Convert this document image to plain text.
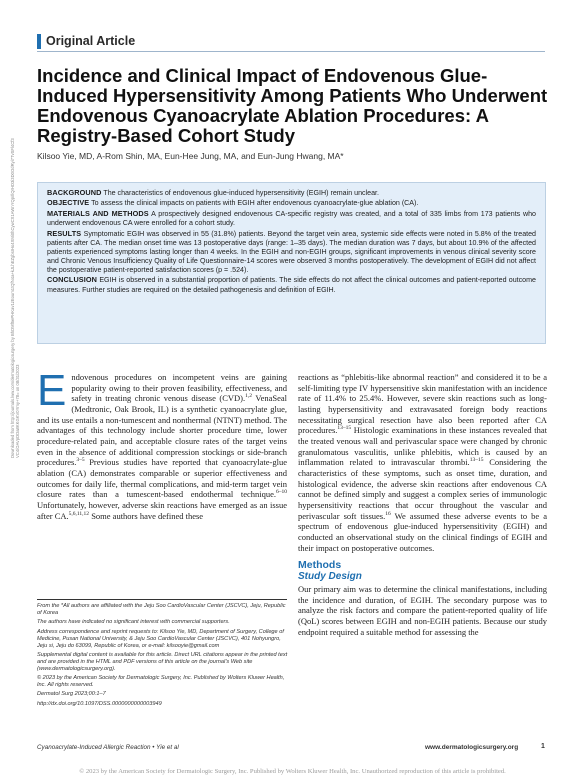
Original Article
Downloaded from http://journals.lww.com/dermatologicsurgery by BhDMf5ePHKav1zEoum1tQfN4a+kJLhEZgbsIHo4XMi0hCywCX1AWnYQp/IlQrHD3i3D0OdRyi7TvSFl4Cf3VC4/OAVpDDa8KKGKV0Ymy+78= on 08/31/2023
Incidence and Clinical Impact of Endovenous Glue-Induced Hypersensitivity Among Patients Who Underwent Endovenous Cyanoacrylate Ablation Procedures: A Registry-Based Cohort Study
Kilsoo Yie, MD, A-Rom Shin, MA, Eun-Hee Jung, MA, and Eun-Jung Hwang, MA*

BACKGROUND The characteristics of endovenous glue-induced hypersensitivity (EGIH) remain unclear.

OBJECTIVE To assess the clinical impacts on patients with EGIH after endovenous cyanoacrylate-glue ablation (CA).

MATERIALS AND METHODS A prospectively designed endovenous CA-specific registry was created, and a total of 335 limbs from 173 patients who underwent endovenous CA were enrolled for a cohort study.

RESULTS Symptomatic EGIH was observed in 55 (31.8%) patients. Beyond the target vein area, systemic side effects were noted in 5.8% of the treated patients after CA. The median onset time was 13 postoperative days (range: 1–35 days). The median duration was 7 days, but about 10.9% of the affected patients experienced symptoms lasting longer than 4 weeks. In the EGIH and non-EGIH groups, significant improvements in venous clinical severity score and Chronic Venous Insufficiency Quality of Life Questionnaire-14 scores were observed 3 months postoperatively. The development of EGIH did not affect the postoperative patient-reported satisfaction scores (p = .524).

CONCLUSION EGIH is observed in a substantial proportion of patients. The side effects do not affect the clinical outcomes and patient-reported outcome measures. Further studies are required on the detailed pathogenesis and definition of EGIH.

Endovenous procedures on incompetent veins are gaining popularity owing to their proven feasibility, effectiveness, and safety in treating chronic venous disease (CVD).$^{1,2}$ VenaSeal (Medtronic, Oak Brook, IL) is a synthetic cyanoacrylate glue, and its use entails a non-tumescent and nonthermal (NTNT) method. The advantages of this technology include shorter procedure time, lower procedure-related pain, and acceptable closure rates of the target veins even in the absence of additional compression stockings or side-branch procedures.$^{3-5}$ Previous studies have reported that cyanoacrylate-glue ablation (CA) demonstrates comparable or superior effectiveness and outcomes for daily life, thermal complications, and mid-term target vein closure rates than a tumescent-based endothermal technique.$^{6-10}$ Unfortunately, however, adverse skin reactions have emerged as an issue after CA.$^{5,6,11,12}$ Some authors have defined these

reactions as “phlebitis-like abnormal reaction” and considered it to be a self-limiting type IV hypersensitive skin manifestation with an incidence rate of 11.4% to 25.4%. However, severe skin reactions such as long-lasting hypersensitivity and extravasated foreign body reactions necessitating surgical resection have also been reported after CA procedures.$^{13-15}$ Histologic examinations in these instances revealed that the treated venous wall and perivascular space were changed by chronic granulomatous vasculitis, unlike phlebitis, which is caused by an inflammation related to intravascular thrombi.$^{13-15}$ Considering the characteristics of these symptoms, such as onset time, duration, and histological evidence, the adverse skin reactions after endovenous CA cannot be defined simply and suggest a complex series of immunologic hypersensitivity reactions that occur throughout the vascular and perivascular soft tissues.$^{16}$ We assumed these adverse events to be a spectrum of endovenous glue-induced hypersensitivity (EGIH) and conducted an observational study on the clinical findings of EGIH and their impact on postoperative outcomes.

Methods
Study Design

Our primary aim was to determine the clinical manifestations, including the incidence and duration, of EGIH. The secondary purpose was to analyze the risk factors and compare the patient-reported quality of life (QoL) scores between EGIH and non-EGIH patients. Because our study endpoint required a suitable method for assessing the

From the *All authors are affiliated with the Jeju Soo CardioVascular Center (JSCVC), Jeju, Republic of Korea

The authors have indicated no significant interest with commercial supporters.

Address correspondence and reprint requests to: Kilsoo Yie, MD, Department of Surgery, College of Medicine, Pusan National University, & Jeju Soo CardioVascular Center (JSCVC), 401 Nohyungro, Jeju si, Jeju do 63099, Republic of Korea, or e-mail: kilsooyie@gmail.com

Supplemental digital content is available for this article. Direct URL citations appear in the printed text and are provided in the HTML and PDF versions of this article on the journal’s Web site (www.dermatologicsurgery.org).

© 2023 by the American Society for Dermatologic Surgery, Inc. Published by Wolters Kluwer Health, Inc. All rights reserved.

Dermatol Surg 2023;00:1–7

http://dx.doi.org/10.1097/DSS.0000000000003949

Cyanoacrylate-Induced Allergic Reaction • Yie et al	www.dermatologicsurgery.org	1
© 2023 by the American Society for Dermatologic Surgery, Inc. Published by Wolters Kluwer Health, Inc. Unauthorized reproduction of this article is prohibited.
